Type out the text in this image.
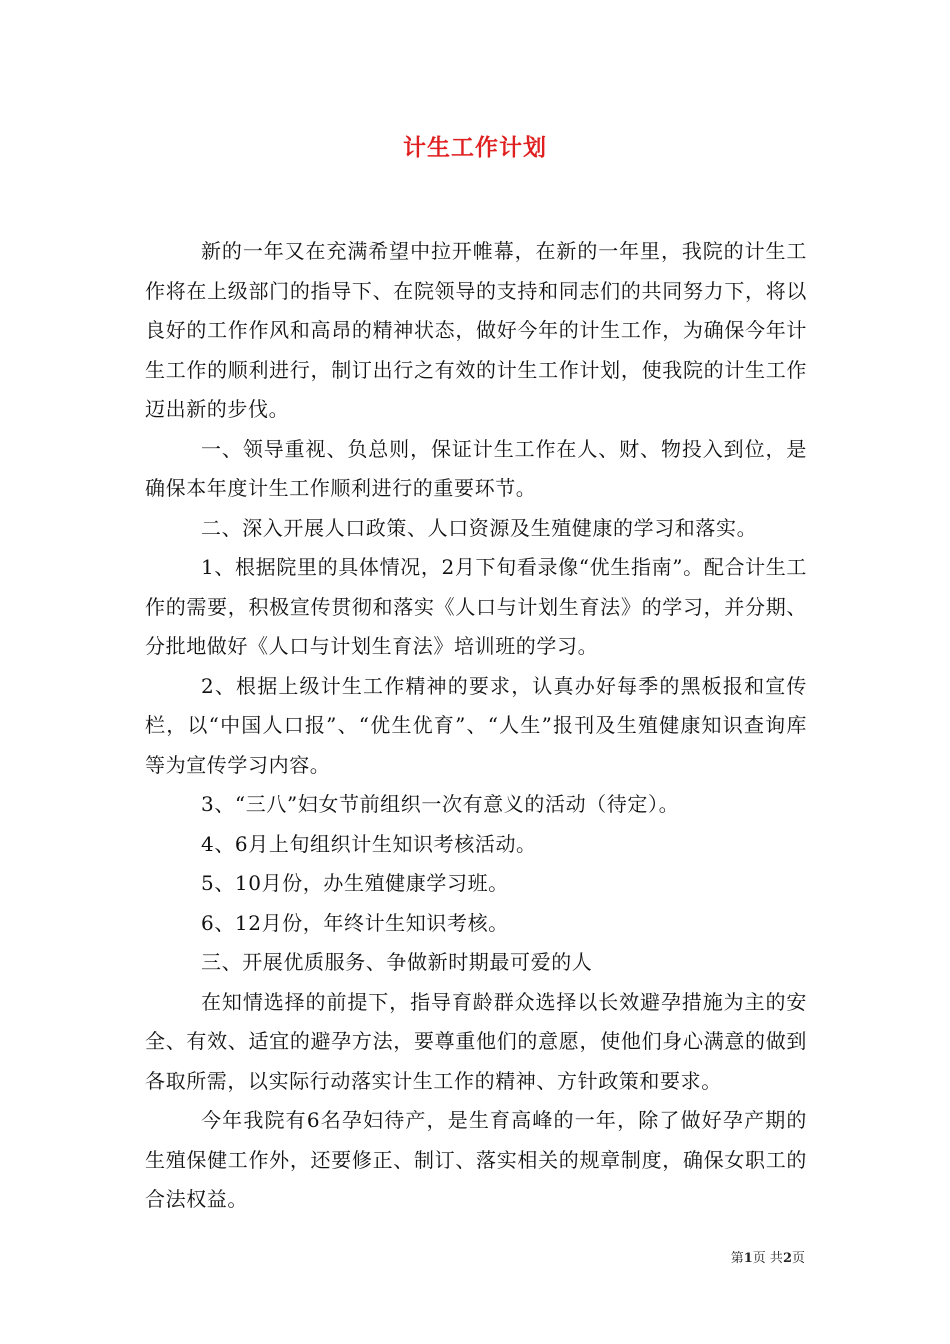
计生工作计划

新的一年又在充满希望中拉开帷幕，在新的一年里，我院的计生工作将在上级部门的指导下、在院领导的支持和同志们的共同努力下，将以良好的工作作风和高昂的精神状态，做好今年的计生工作，为确保今年计生工作的顺利进行，制订出行之有效的计生工作计划，使我院的计生工作迈出新的步伐。

一、领导重视、负总则，保证计生工作在人、财、物投入到位，是确保本年度计生工作顺利进行的重要环节。

二、深入开展人口政策、人口资源及生殖健康的学习和落实。

1、根据院里的具体情况，2月下旬看录像“优生指南”。配合计生工作的需要，积极宣传贯彻和落实《人口与计划生育法》的学习，并分期、分批地做好《人口与计划生育法》培训班的学习。

2、根据上级计生工作精神的要求，认真办好每季的黑板报和宣传栏，以“中国人口报”、“优生优育”、“人生”报刊及生殖健康知识查询库等为宣传学习内容。

3、“三八”妇女节前组织一次有意义的活动（待定）。

4、6月上旬组织计生知识考核活动。

5、10月份，办生殖健康学习班。

6、12月份，年终计生知识考核。

三、开展优质服务、争做新时期最可爱的人

在知情选择的前提下，指导育龄群众选择以长效避孕措施为主的安全、有效、适宜的避孕方法，要尊重他们的意愿，使他们身心满意的做到各取所需，以实际行动落实计生工作的精神、方针政策和要求。

今年我院有6名孕妇待产，是生育高峰的一年，除了做好孕产期的生殖保健工作外，还要修正、制订、落实相关的规章制度，确保女职工的合法权益。

第1页 共2页
